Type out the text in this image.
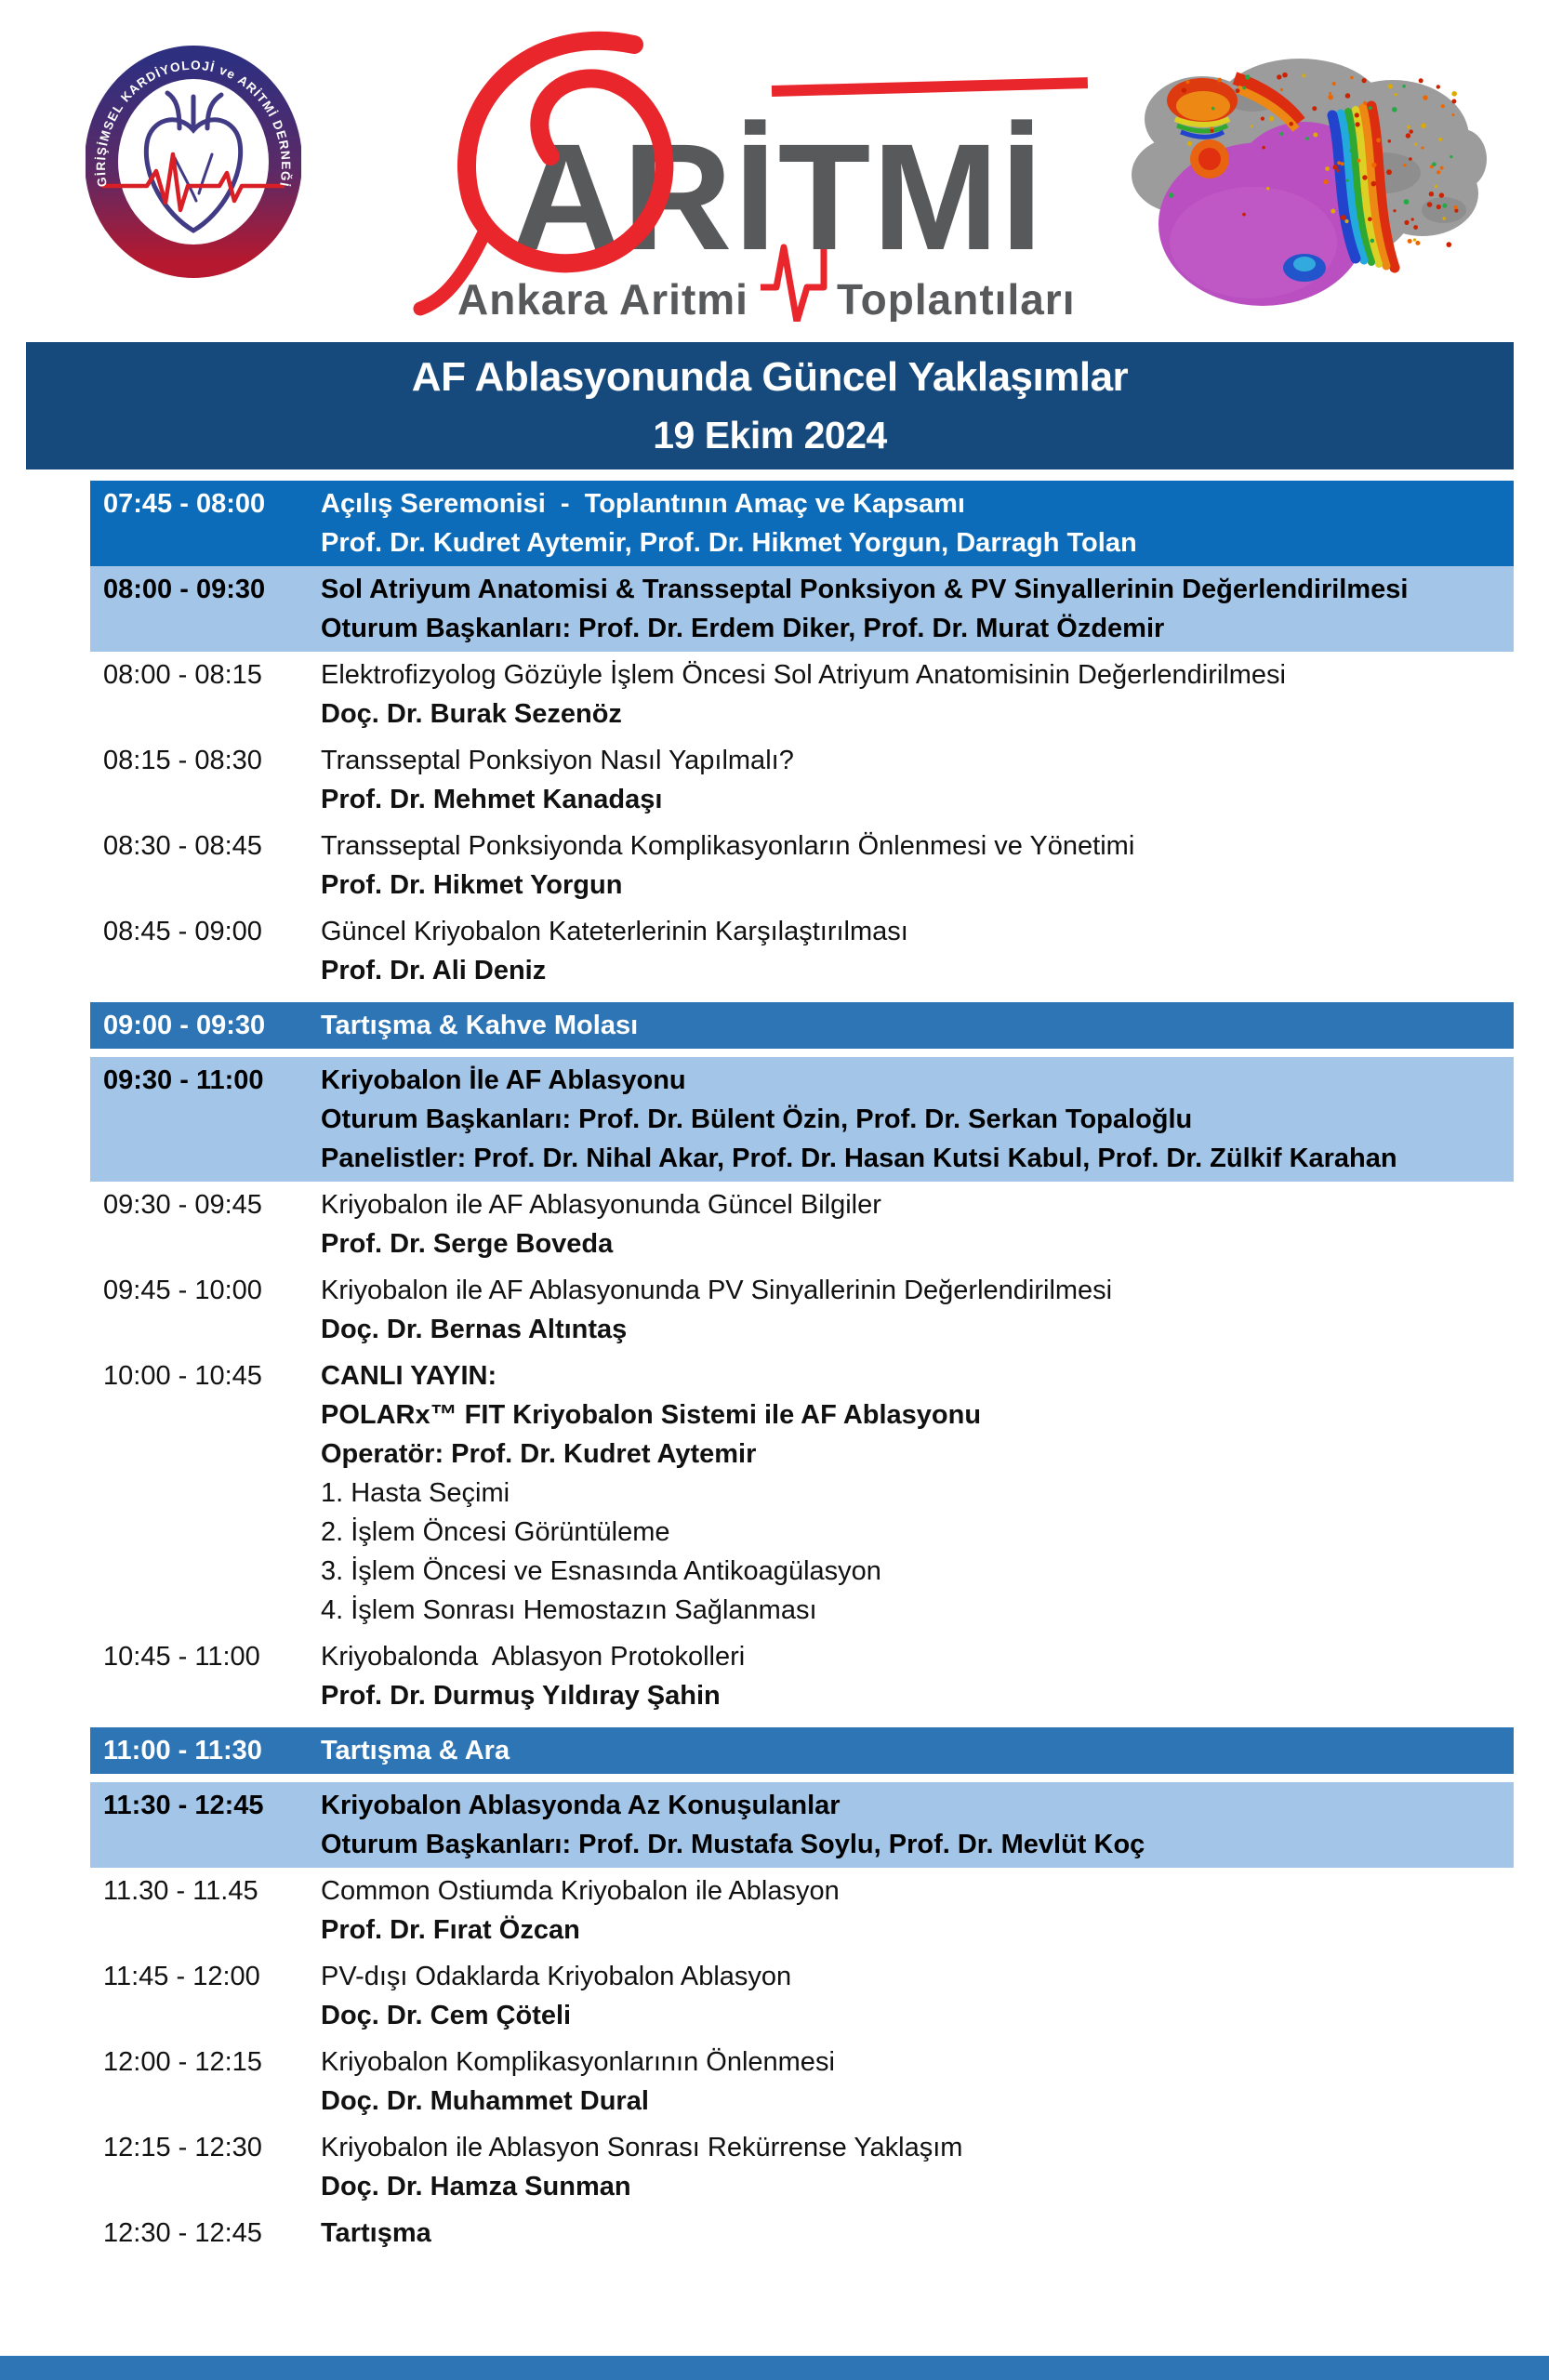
GİRİŞİMSEL KARDİYOLOJİ ve ARİTMİ DERNEĞİ ARİTMİ
Ankara Aritmi Toplantıları
AF Ablasyonunda Güncel Yaklaşımlar
19 Ekim 2024
07:45 - 08:00	Açılış Seremonisi  -  Toplantının Amaç ve Kapsamı
Prof. Dr. Kudret Aytemir, Prof. Dr. Hikmet Yorgun, Darragh Tolan
08:00 - 09:30	Sol Atriyum Anatomisi & Transseptal Ponksiyon & PV Sinyallerinin Değerlendirilmesi
Oturum Başkanları: Prof. Dr. Erdem Diker, Prof. Dr. Murat Özdemir
08:00 - 08:15	Elektrofizyolog Gözüyle İşlem Öncesi Sol Atriyum Anatomisinin Değerlendirilmesi
Doç. Dr. Burak Sezenöz
08:15 - 08:30	Transseptal Ponksiyon Nasıl Yapılmalı?
Prof. Dr. Mehmet Kanadaşı
08:30 - 08:45	Transseptal Ponksiyonda Komplikasyonların Önlenmesi ve Yönetimi
Prof. Dr. Hikmet Yorgun
08:45 - 09:00	Güncel Kriyobalon Kateterlerinin Karşılaştırılması
Prof. Dr. Ali Deniz
09:00 - 09:30	Tartışma & Kahve Molası
09:30 - 11:00	Kriyobalon İle AF Ablasyonu
Oturum Başkanları: Prof. Dr. Bülent Özin, Prof. Dr. Serkan Topaloğlu
Panelistler: Prof. Dr. Nihal Akar, Prof. Dr. Hasan Kutsi Kabul, Prof. Dr. Zülkif Karahan
09:30 - 09:45	Kriyobalon ile AF Ablasyonunda Güncel Bilgiler
Prof. Dr. Serge Boveda
09:45 - 10:00	Kriyobalon ile AF Ablasyonunda PV Sinyallerinin Değerlendirilmesi
Doç. Dr. Bernas Altıntaş
10:00 - 10:45	CANLI YAYIN:
POLARx™ FIT Kriyobalon Sistemi ile AF Ablasyonu
Operatör: Prof. Dr. Kudret Aytemir
1. Hasta Seçimi
2. İşlem Öncesi Görüntüleme
3. İşlem Öncesi ve Esnasında Antikoagülasyon
4. İşlem Sonrası Hemostazın Sağlanması
10:45 - 11:00	Kriyobalonda  Ablasyon Protokolleri
Prof. Dr. Durmuş Yıldıray Şahin
11:00 - 11:30	Tartışma & Ara
11:30 - 12:45	Kriyobalon Ablasyonda Az Konuşulanlar
Oturum Başkanları: Prof. Dr. Mustafa Soylu, Prof. Dr. Mevlüt Koç
11.30 - 11.45	Common Ostiumda Kriyobalon ile Ablasyon
Prof. Dr. Fırat Özcan
11:45 - 12:00	PV-dışı Odaklarda Kriyobalon Ablasyon
Doç. Dr. Cem Çöteli
12:00 - 12:15	Kriyobalon Komplikasyonlarının Önlenmesi
Doç. Dr. Muhammet Dural
12:15 - 12:30	Kriyobalon ile Ablasyon Sonrası Rekürrense Yaklaşım
Doç. Dr. Hamza Sunman
12:30 - 12:45	Tartışma
